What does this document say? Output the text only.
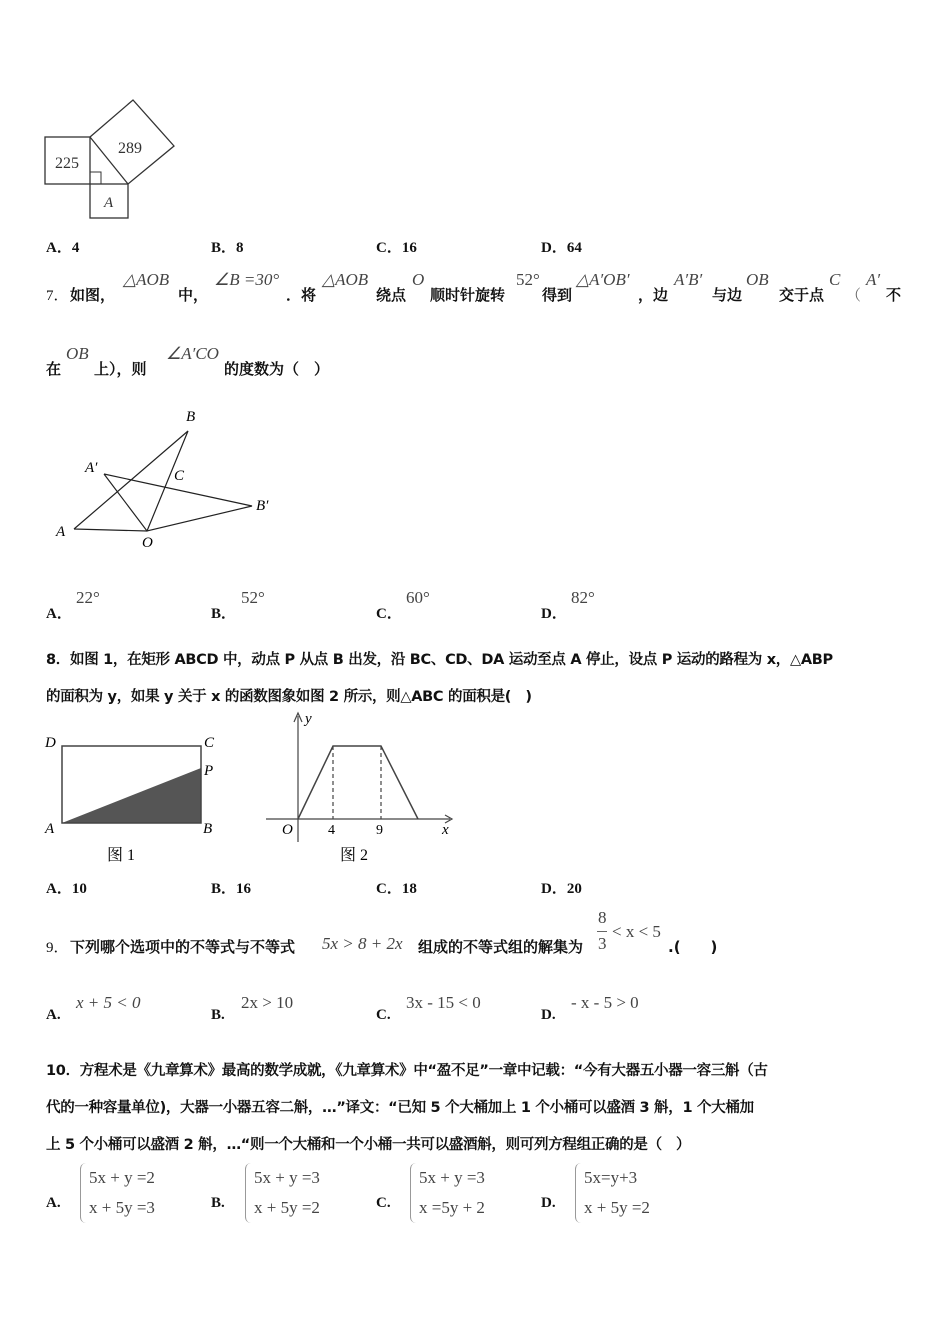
225
289
A
A．4	B．8	C．16	D．64
7． 如图，
△AOB
中，
∠B =30°
．将
△AOB
绕点
O
顺时针旋转
52°
得到
△A′OB′
，边
A′B′
与边
OB
交于点
C
（
A′
不
在
OB
上），则
∠A′CO
的度数为（　）
B
A′	C
B′
A
O
A．
22°
B．
52°
C．
60°
D．
82°
8．如图 1，在矩形 ABCD 中，动点 P 从点 B 出发，沿 BC、CD、DA 运动至点 A 停止，设点 P 运动的路程为 x，△ABP
的面积为 y，如果 y 关于 x 的函数图象如图 2 所示，则△ABC 的面积是(　)
D	C
P
A	B
图 1
y
x
O	4	9
图 2
A．10	B．16	C．18	D．20
9． 下列哪个选项中的不等式与不等式 5x > 8 + 2x 组成的不等式组的解集为
8
3
< x < 5
.(　　)
A.
x + 5 < 0
B.
2x > 10
C.
3x - 15 < 0
D.
- x - 5 > 0
10．方程术是《九章算术》最高的数学成就，《九章算术》中“盈不足”一章中记载：“今有大器五小器一容三斛（古
代的一种容量单位)，大器一小器五容二斛，…”译文：“已知 5 个大桶加上 1 个小桶可以盛酒 3 斛，1 个大桶加
上 5 个小桶可以盛酒 2 斛，…“则一个大桶和一个小桶一共可以盛酒斛，则可列方程组正确的是（　）
A.
5x + y =2
x + 5y =3	B.
5x + y =3
x + 5y =2	C.
5x + y =3
x =5y + 2	D.
5x=y+3
x + 5y =2
